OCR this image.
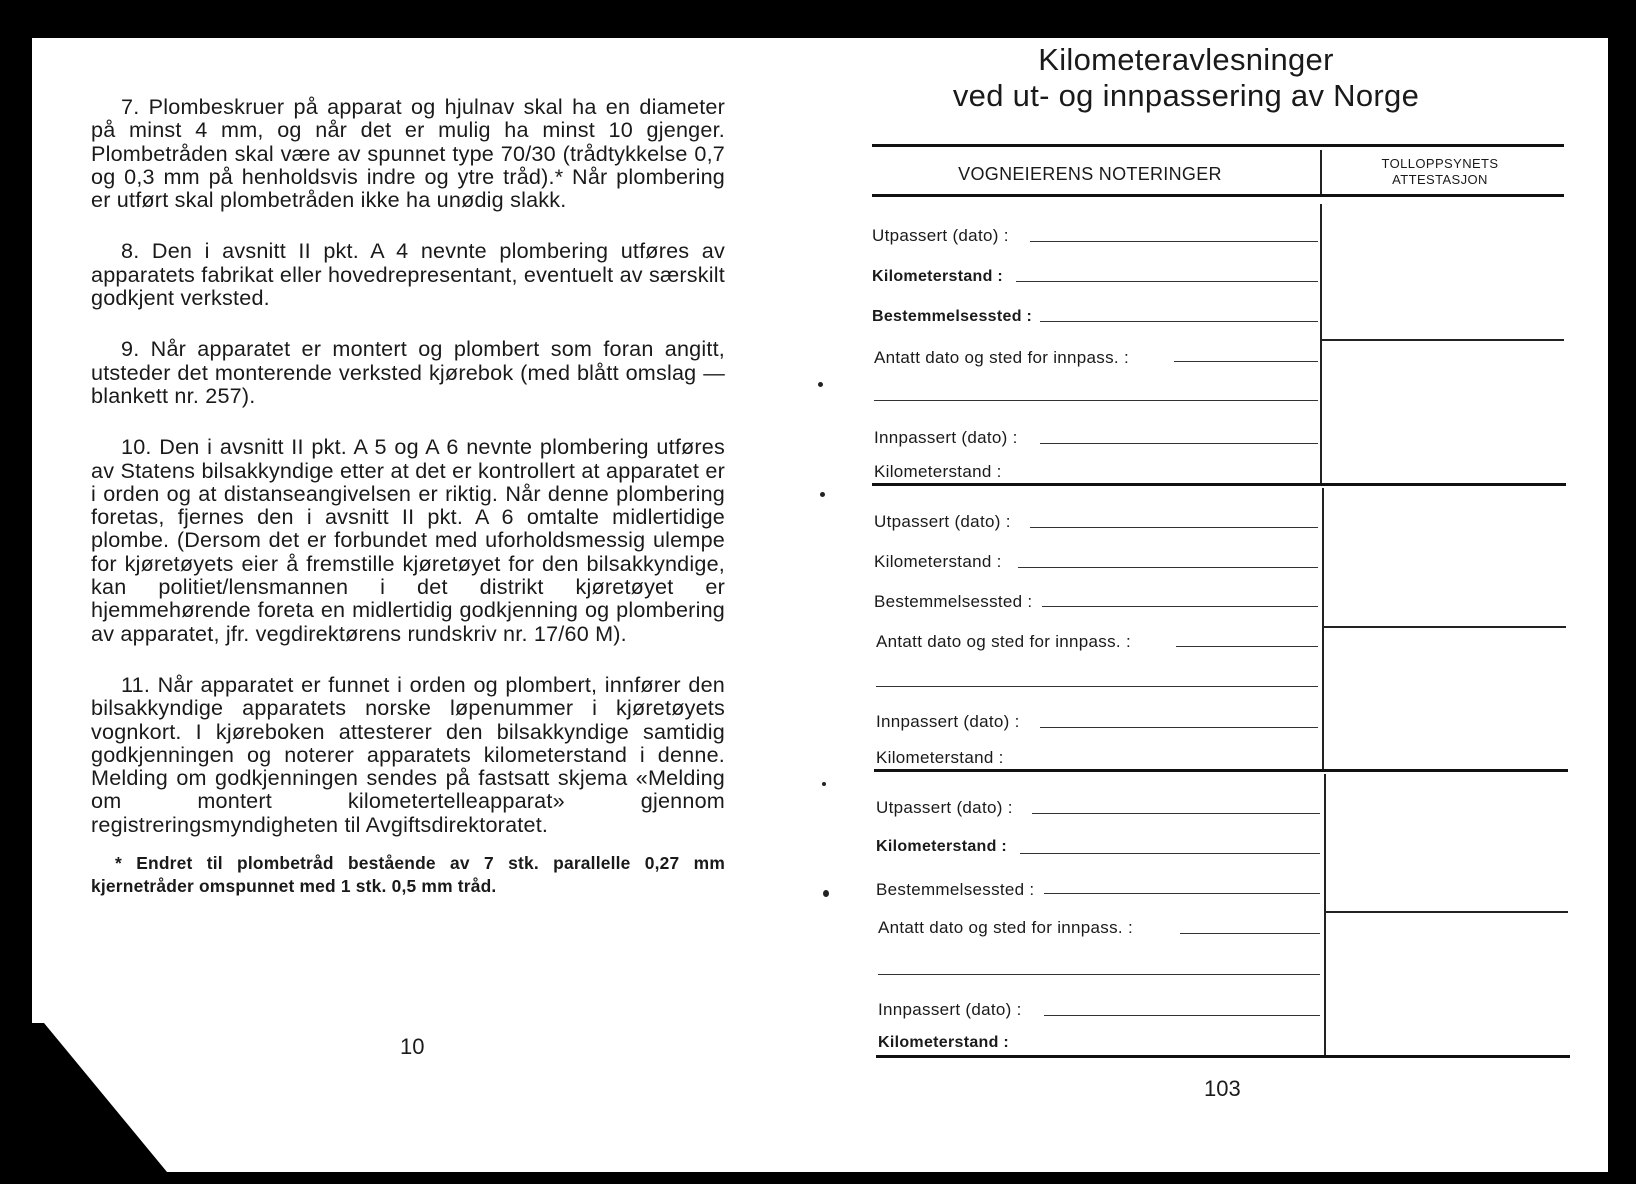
7. Plombeskruer på apparat og hjulnav skal ha en diameter på minst 4 mm, og når det er mulig ha minst 10 gjenger. Plombetråden skal være av spunnet type 70/30 (trådtykkelse 0,7 og 0,3 mm på henholdsvis indre og ytre tråd).* Når plombering er utført skal plombetråden ikke ha unødig slakk.

8. Den i avsnitt II pkt. A 4 nevnte plombering utføres av apparatets fabrikat eller hovedrepresentant, eventuelt av særskilt godkjent verksted.

9. Når apparatet er montert og plombert som foran angitt, utsteder det monterende verksted kjørebok (med blått omslag — blankett nr. 257).

10. Den i avsnitt II pkt. A 5 og A 6 nevnte plombering utføres av Statens bilsakkyndige etter at det er kontrollert at apparatet er i orden og at distanseangivelsen er riktig. Når denne plombering foretas, fjernes den i avsnitt II pkt. A 6 omtalte midlertidige plombe. (Dersom det er forbundet med uforholdsmessig ulempe for kjøretøyets eier å fremstille kjøretøyet for den bilsakkyndige, kan politiet/lensmannen i det distrikt kjøretøyet er hjemmehørende foreta en midlertidig godkjenning og plombering av apparatet, jfr. vegdirektørens rundskriv nr. 17/60 M).

11. Når apparatet er funnet i orden og plombert, innfører den bilsakkyndige apparatets norske løpenummer i kjøretøyets vognkort. I kjøreboken attesterer den bilsakkyndige samtidig godkjenningen og noterer apparatets kilometerstand i denne. Melding om godkjenningen sendes på fastsatt skjema «Melding om montert kilometertelleapparat» gjennom registreringsmyndigheten til Avgiftsdirektoratet.

* Endret til plombetråd bestående av 7 stk. parallelle 0,27 mm kjernetråder omspunnet med 1 stk. 0,5 mm tråd.
10
Kilometeravlesninger
ved ut- og innpassering av Norge
VOGNEIERENS NOTERINGER
TOLLOPPSYNETS
ATTESTASJON
Utpassert (dato) :
Kilometerstand :
Bestemmelsessted :
Antatt dato og sted for innpass. :
Innpassert (dato) :
Kilometerstand :
Utpassert (dato) :
Kilometerstand :
Bestemmelsessted :
Antatt dato og sted for innpass. :
Innpassert (dato) :
Kilometerstand :
Utpassert (dato) :
Kilometerstand :
Bestemmelsessted :
Antatt dato og sted for innpass. :
Innpassert (dato) :
Kilometerstand :
103
